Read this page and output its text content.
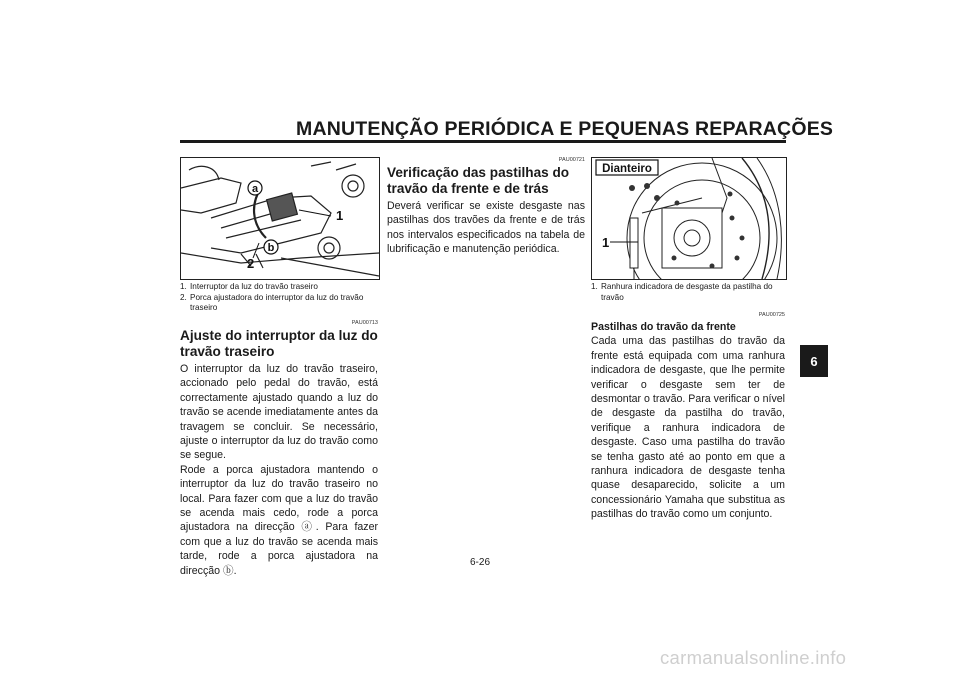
MANUTENÇÃO PERIÓDICA E PEQUENAS REPARAÇÕES
a
b
1
2
1. Interruptor da luz do travão traseiro
2. Porca ajustadora do interruptor da luz do travão traseiro
PAU00713
Ajuste do interruptor da luz do travão traseiro

O interruptor da luz do travão traseiro, accionado pelo pedal do travão, está correctamente ajustado quando a luz do travão se acende imediatamente antes da travagem se concluir. Se necessário, ajuste o interruptor da luz do travão como se segue.

Rode a porca ajustadora mantendo o interruptor da luz do travão traseiro no local. Para fazer com que a luz do travão se acenda mais cedo, rode a porca ajustadora na direcção ⓐ. Para fazer com que a luz do travão se acenda mais tarde, rode a porca ajustadora na direcção ⓑ.

PAU00721
Verificação das pastilhas do travão da frente e de trás

Deverá verificar se existe desgaste nas pastilhas dos travões da frente e de trás nos intervalos especificados na tabela de lubrificação e manutenção periódica.

Dianteiro
1
1. Ranhura indicadora de desgaste da pastilha do travão
PAU00725
Pastilhas do travão da frente

Cada uma das pastilhas do travão da frente está equipada com uma ranhura indicadora de desgaste, que lhe permite verificar o desgaste sem ter de desmontar o travão. Para verificar o nível de desgaste da pastilha do travão, verifique a ranhura indicadora de desgaste. Caso uma pastilha do travão se tenha gasto até ao ponto em que a ranhura indicadora de desgaste tenha quase desaparecido, solicite a um concessionário Yamaha que substitua as pastilhas do travão como um conjunto.

6
6-26
carmanualsonline.info
